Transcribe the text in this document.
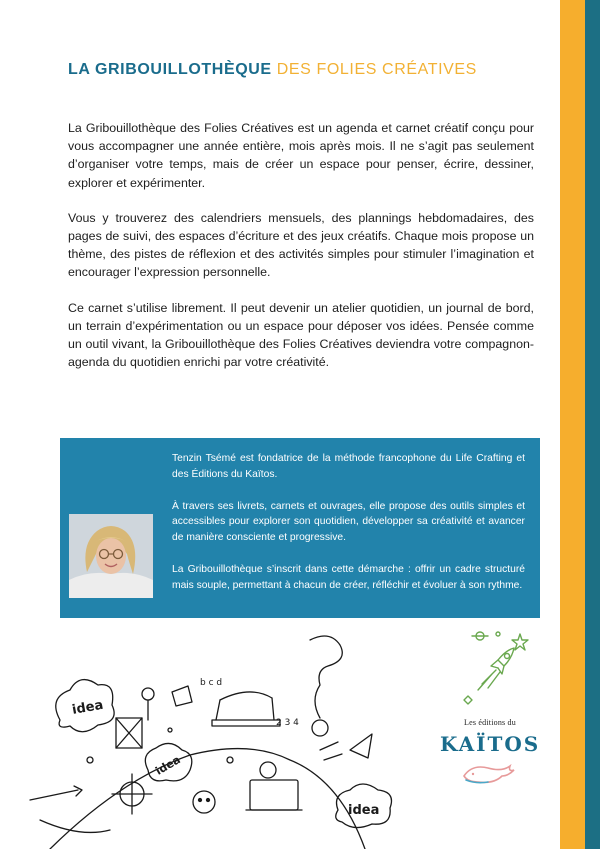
LA GRIBOUILLOTHÈQUE DES FOLIES CRÉATIVES

La Gribouillothèque des Folies Créatives est un agenda et carnet créatif conçu pour vous accompagner une année entière, mois après mois. Il ne s’agit pas seulement d’organiser votre temps, mais de créer un espace pour penser, écrire, dessiner, explorer et expérimenter.

Vous y trouverez des calendriers mensuels, des plannings hebdomadaires, des pages de suivi, des espaces d’écriture et des jeux créatifs. Chaque mois propose un thème, des pistes de réflexion et des activités simples pour stimuler l’imagination et encourager l’expression personnelle.

Ce carnet s’utilise librement. Il peut devenir un atelier quotidien, un journal de bord, un terrain d’expérimentation ou un espace pour déposer vos idées. Pensée comme un outil vivant, la Gribouillothèque des Folies Créatives deviendra votre compagnon-agenda du quotidien enrichi par votre créativité.

Tenzin Tsémé est fondatrice de la méthode francophone du Life Crafting et des Éditions du Kaïtos.

À travers ses livrets, carnets et ouvrages, elle propose des outils simples et accessibles pour explorer son quotidien, développer sa créativité et avancer de manière consciente et progressive.

La Gribouillothèque s’inscrit dans cette démarche : offrir un cadre structuré mais souple, permettant à chacun de créer, réfléchir et évoluer à son rythme.

idea
idea
idea
b c d
2 3 4	Les éditions du
KAÏTOS
